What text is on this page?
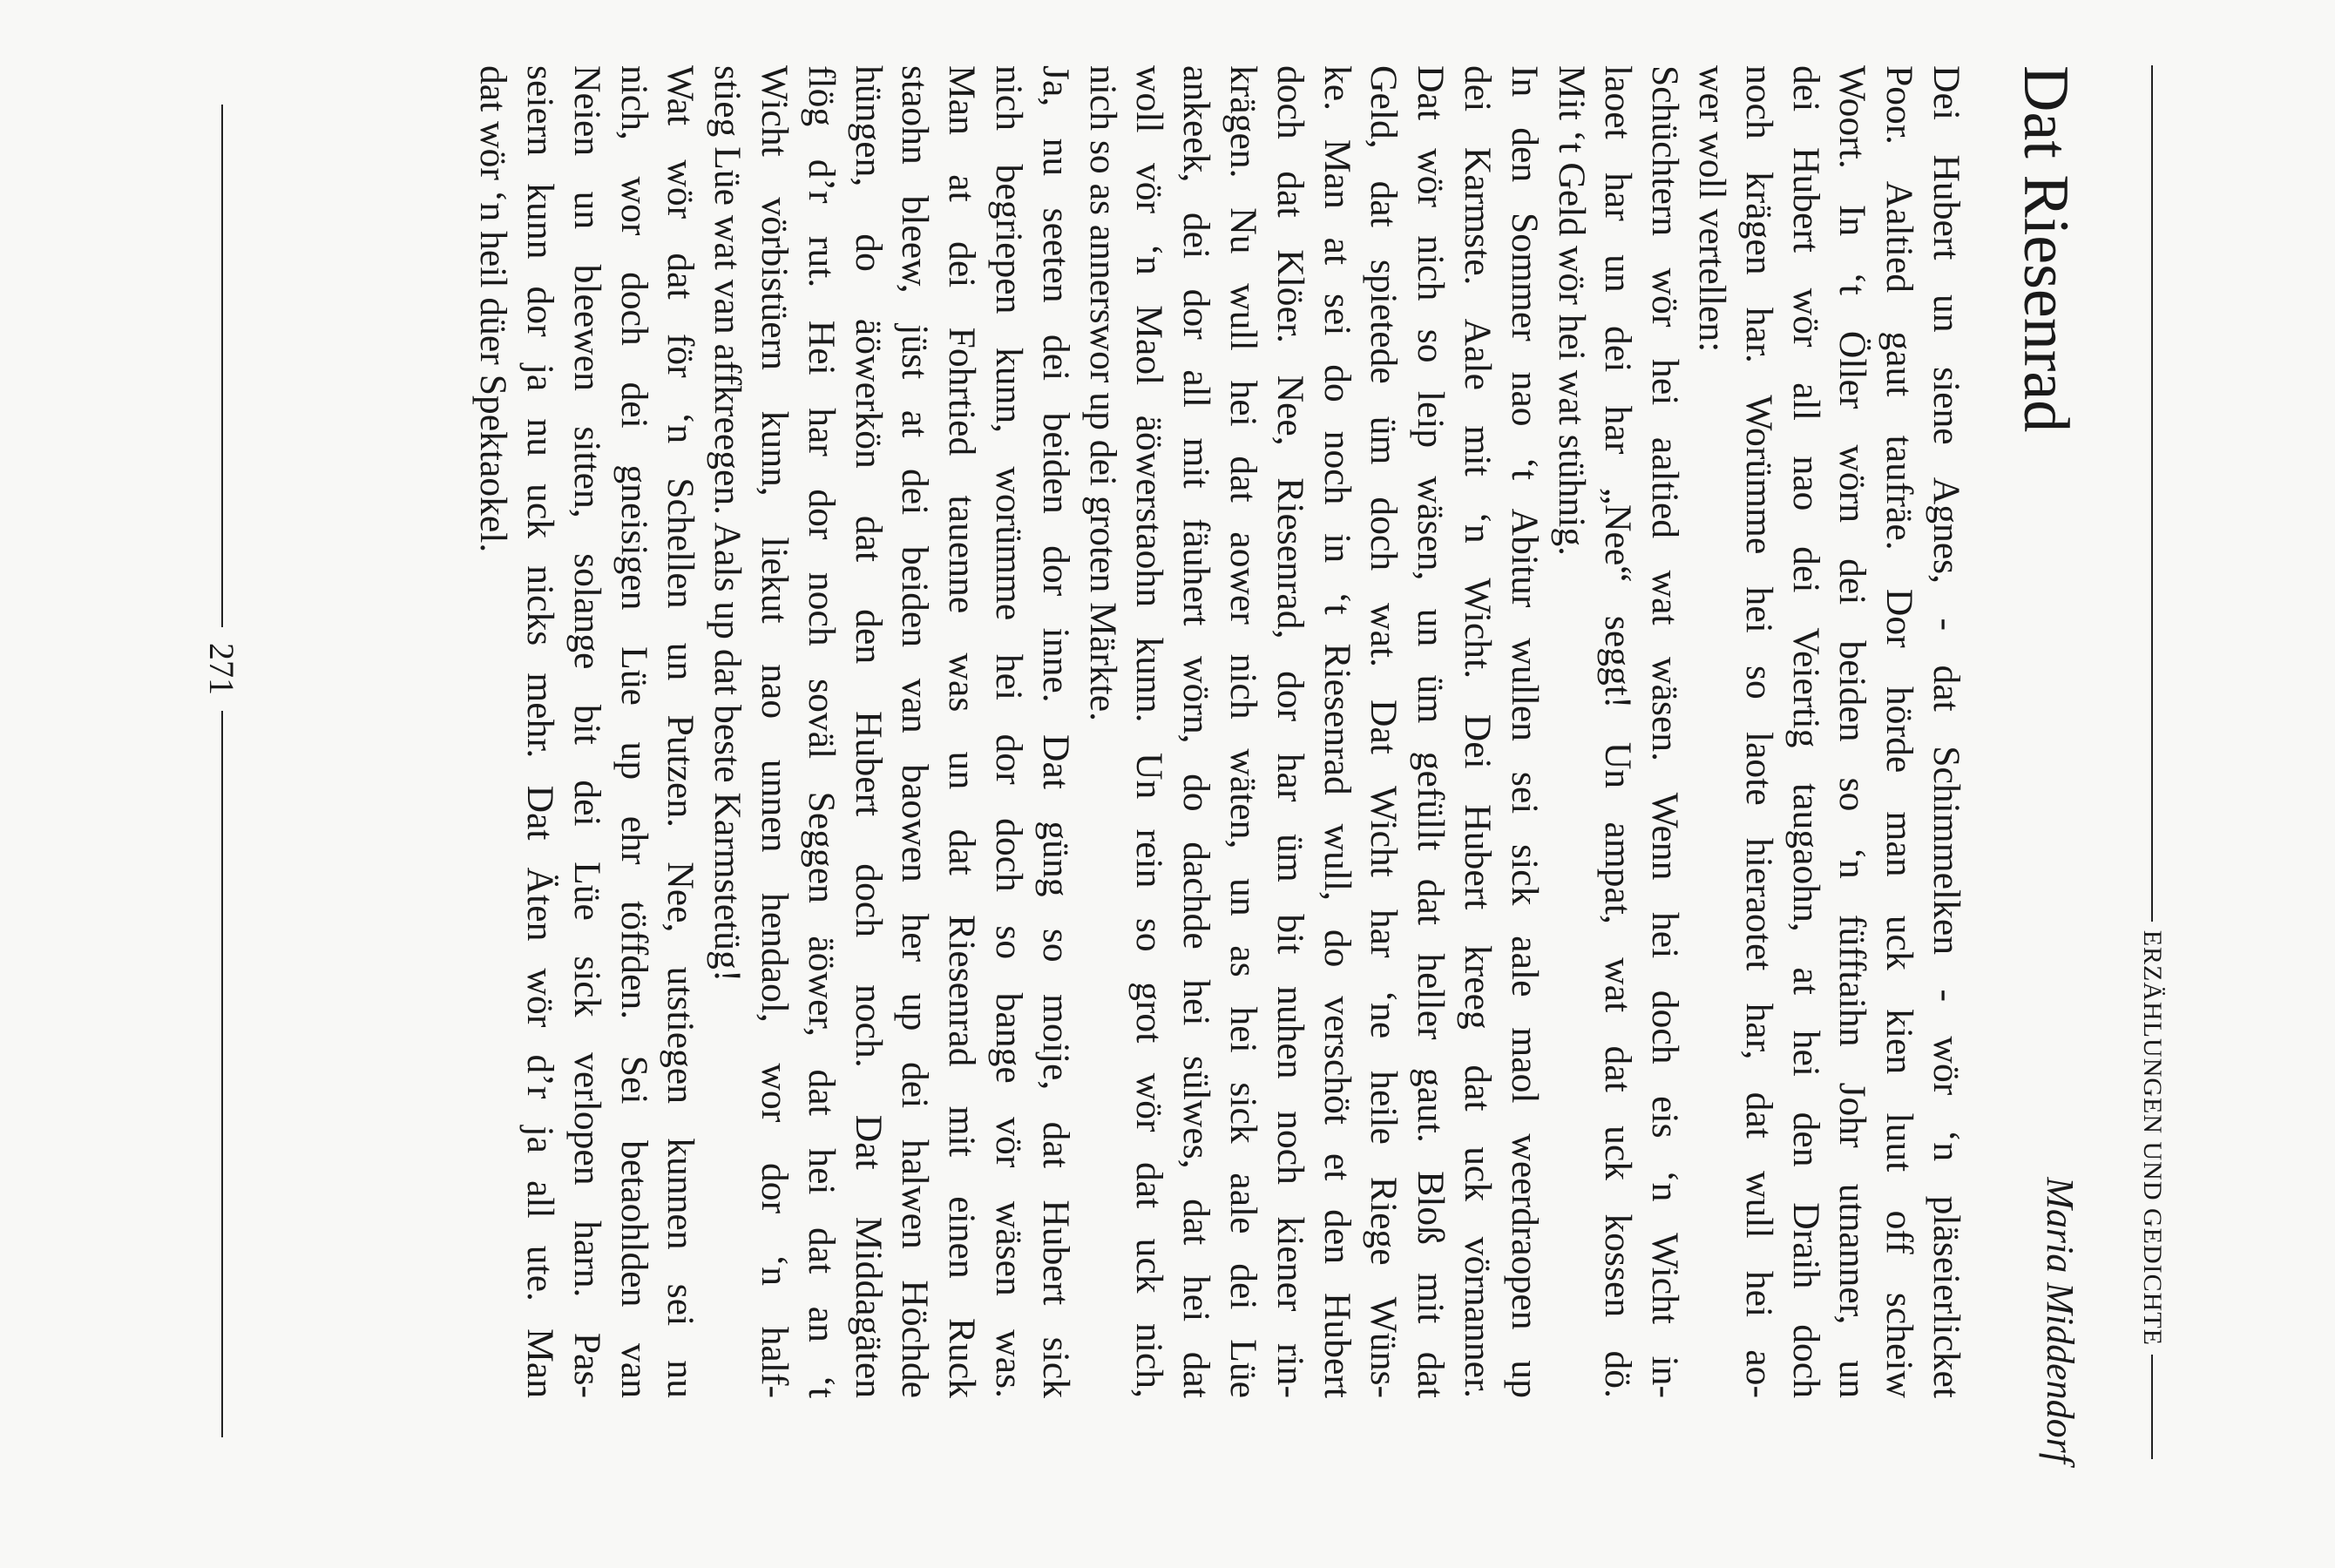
ERZÄHLUNGEN UND GEDICHTE
Dat Riesenrad
Maria Middendorf
Dei Hubert un siene Agnes, - dat Schimmelken - wör ‘n pläseierlicket
Poor. Aaltied gaut taufräe. Dor hörde man uck kien luut off scheiw
Woort. In ‘t Öller wörn dei beiden so ‘n füfftaihn Johr utnanner, un
dei Hubert wör all nao dei Veiertig taugaohn, at hei den Draih doch
noch krägen har. Worümme hei so laote hieraotet har, dat wull hei ao-
wer woll vertellen:
Schüchtern wör hei aaltied wat wäsen. Wenn hei doch eis ‘n Wicht in-
laoet har un dei har „Nee“ seggt! Un ampat, wat dat uck kossen dö.
Mit ‘t Geld wör hei wat stühnig.
In den Sommer nao ‘t Abitur wullen sei sick aale maol weerdraopen up
dei Karmste. Aale mit ‘n Wicht. Dei Hubert kreeg dat uck vörnanner.
Dat wör nich so leip wäsen, un üm gefüllt dat heller gaut. Bloß mit dat
Geld, dat spietede üm doch wat. Dat Wicht har ‘ne heile Riege Wüns-
ke. Man at sei do noch in ‘t Riesenrad wull, do verschöt et den Hubert
doch dat Klöer. Nee, Riesenrad, dor har üm bit nuhen noch kiener rin-
krägen. Nu wull hei dat aower nich wäten, un as hei sick aale dei Lüe
ankeek, dei dor all mit fäuhert wörn, do dachde hei sülwes, dat hei dat
woll vör ‘n Maol äöwerstaohn kunn. Un rein so grot wör dat uck nich,
nich so as annerswor up dei groten Märkte.
Ja, nu seeten dei beiden dor inne. Dat güng so moije, dat Hubert sick
nich begriepen kunn, worümme hei dor doch so bange vör wäsen was.
Man at dei Fohrtied tauenne was un dat Riesenrad mit einen Ruck
staohn bleew, jüst at dei beiden van baowen her up dei halwen Höchde
hüngen, do äöwerkön dat den Hubert doch noch. Dat Middagäten
flög d’r rut. Hei har dor noch soväl Seggen äöwer, dat hei dat an ‘t
Wicht vörbistüern kunn, liekut nao unnen hendaol, wor dor ‘n half-
stieg Lüe wat van affkreegen. Aals up dat beste Karmstetüg!
Wat wör dat för ‘n Schellen un Putzen. Nee, utstiegen kunnen sei nu
nich, wor doch dei gneisigen Lüe up ehr töffden. Sei betaohlden van
Neien un bleewen sitten, solange bit dei Lüe sick verlopen harn. Pas-
seiern kunn dor ja nu uck nicks mehr. Dat Äten wör d’r ja all ute. Man
dat wör ‘n heil düer Spektaokel.
271
